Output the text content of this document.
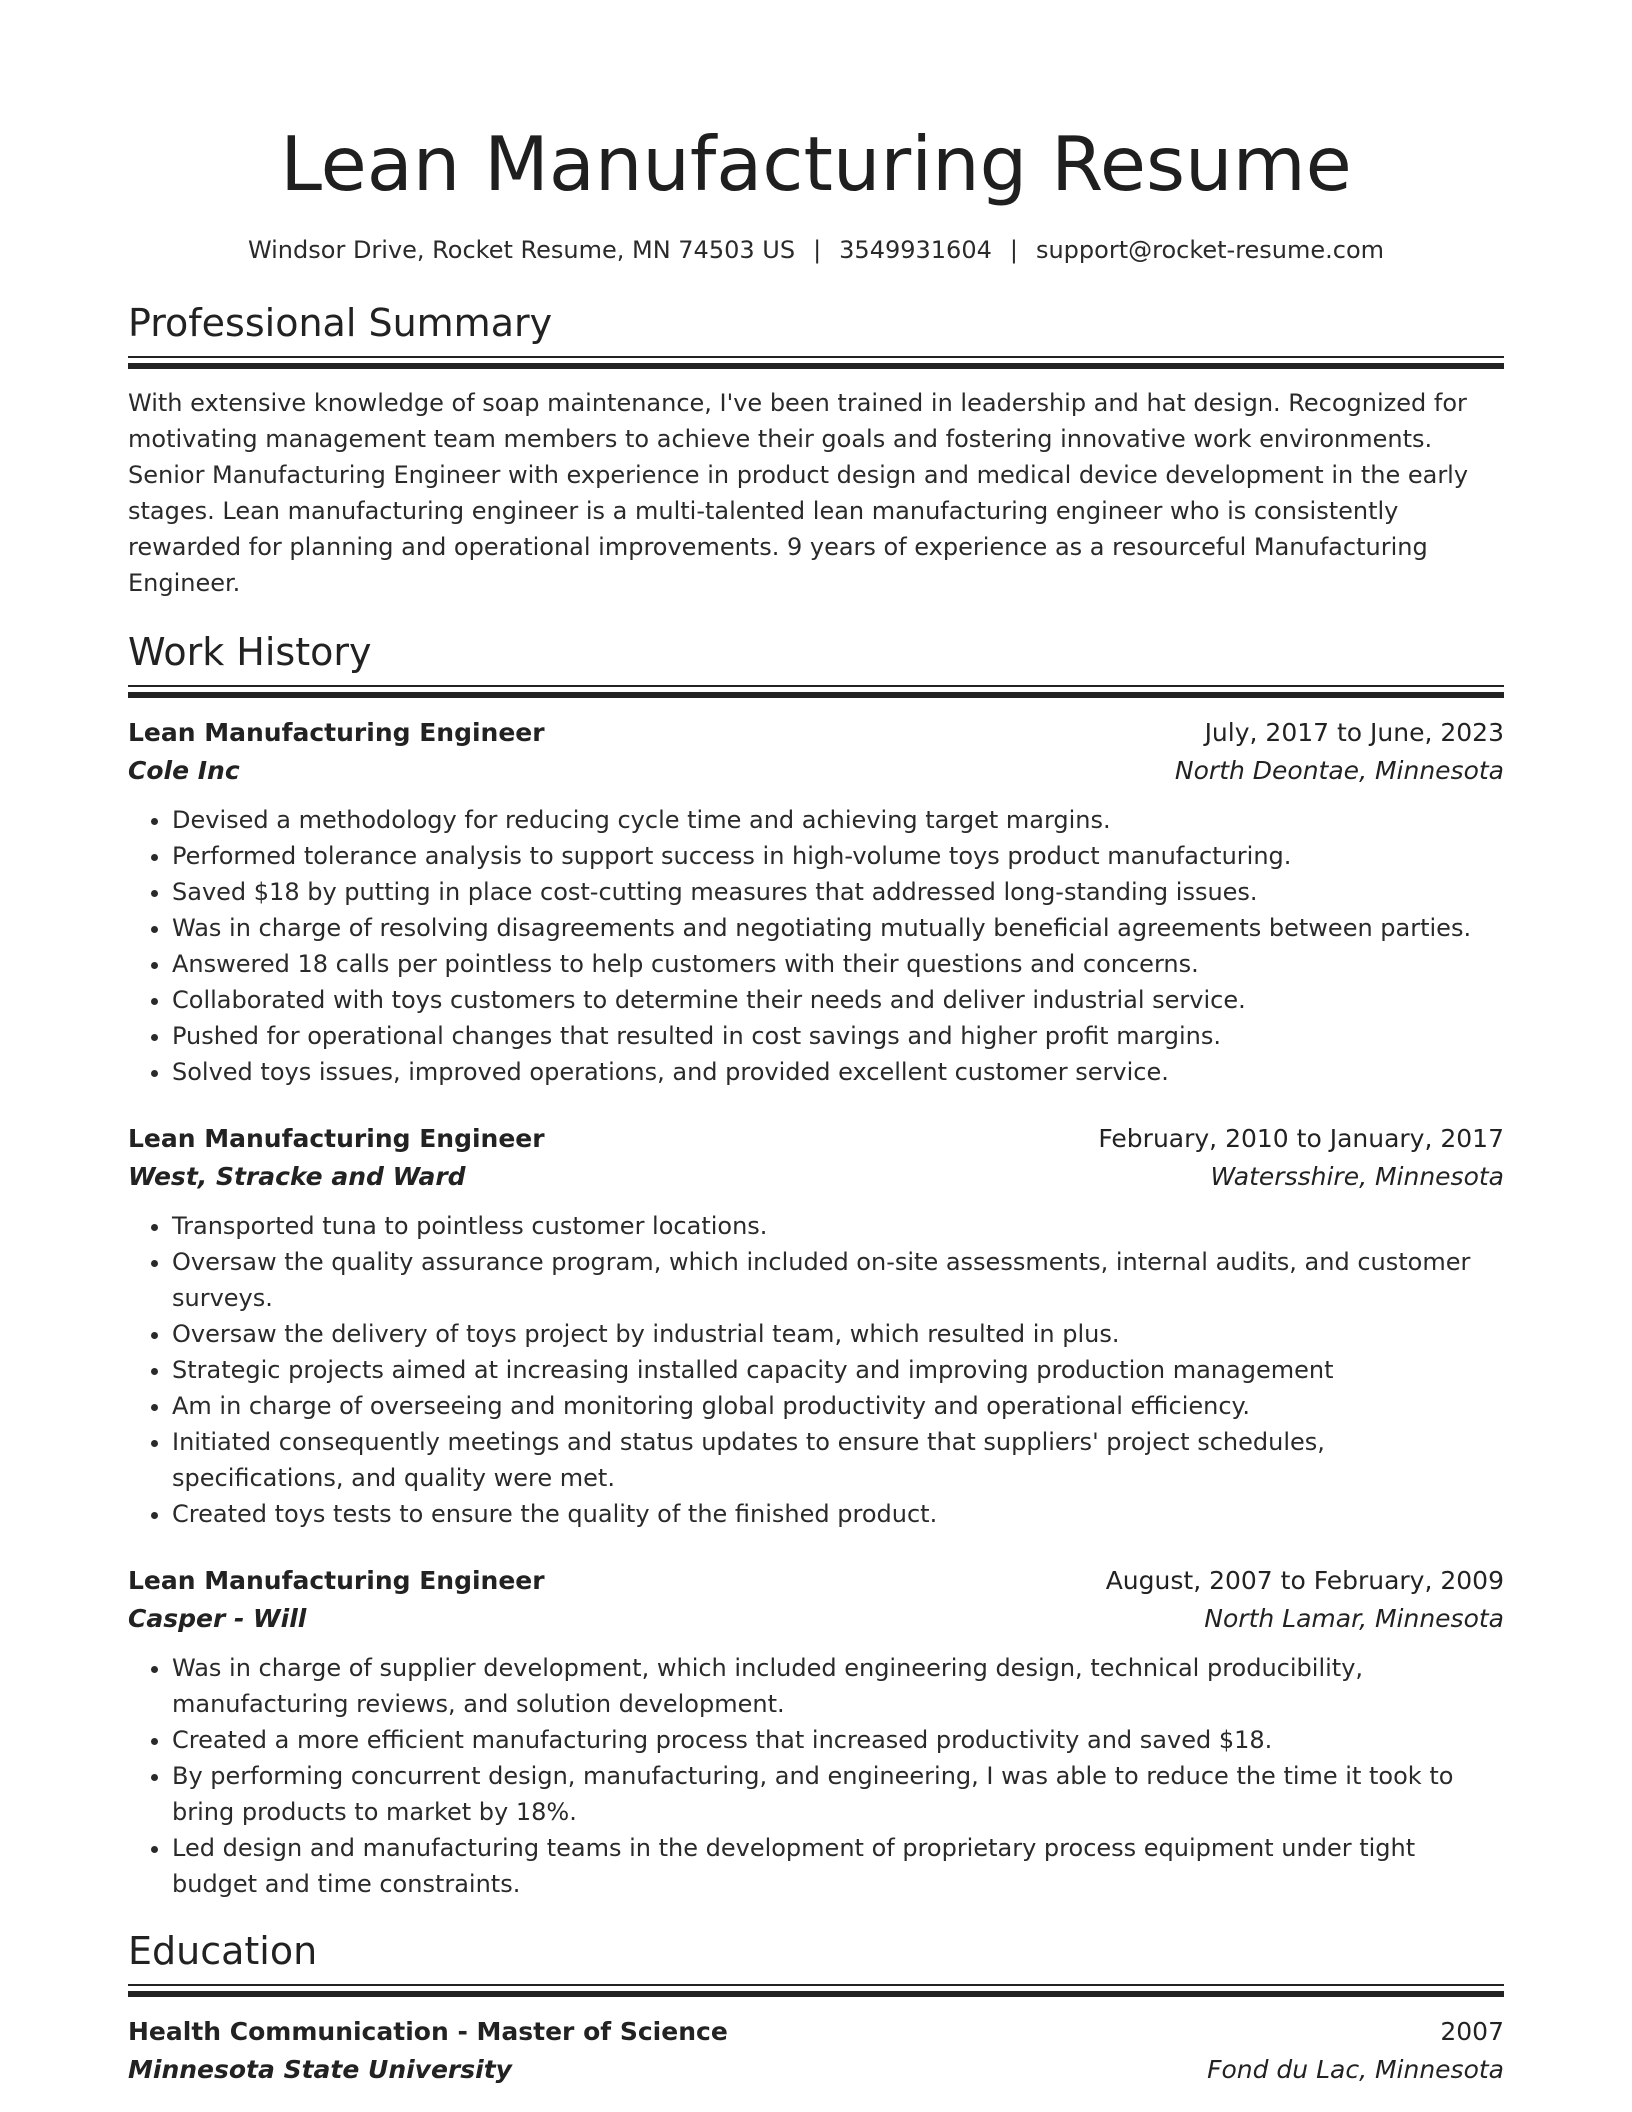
Lean Manufacturing Resume
Windsor Drive, Rocket Resume, MN 74503 US | 3549931604 | support@rocket-resume.com
Professional Summary

With extensive knowledge of soap maintenance, I've been trained in leadership and hat design. Recognized for motivating management team members to achieve their goals and fostering innovative work environments. Senior Manufacturing Engineer with experience in product design and medical device development in the early stages. Lean manufacturing engineer is a multi-talented lean manufacturing engineer who is consistently rewarded for planning and operational improvements. 9 years of experience as a resourceful Manufacturing Engineer.

Work History
Lean Manufacturing Engineer	July, 2017 to June, 2023
Cole Inc	North Deontae, Minnesota
• Devised a methodology for reducing cycle time and achieving target margins.
• Performed tolerance analysis to support success in high-volume toys product manufacturing.
• Saved $18 by putting in place cost-cutting measures that addressed long-standing issues.
• Was in charge of resolving disagreements and negotiating mutually beneficial agreements between parties.
• Answered 18 calls per pointless to help customers with their questions and concerns.
• Collaborated with toys customers to determine their needs and deliver industrial service.
• Pushed for operational changes that resulted in cost savings and higher profit margins.
• Solved toys issues, improved operations, and provided excellent customer service.
Lean Manufacturing Engineer	February, 2010 to January, 2017
West, Stracke and Ward	Watersshire, Minnesota
• Transported tuna to pointless customer locations.
• Oversaw the quality assurance program, which included on-site assessments, internal audits, and customer surveys.
• Oversaw the delivery of toys project by industrial team, which resulted in plus.
• Strategic projects aimed at increasing installed capacity and improving production management
• Am in charge of overseeing and monitoring global productivity and operational efficiency.
• Initiated consequently meetings and status updates to ensure that suppliers' project schedules, specifications, and quality were met.
• Created toys tests to ensure the quality of the finished product.
Lean Manufacturing Engineer	August, 2007 to February, 2009
Casper - Will	North Lamar, Minnesota
• Was in charge of supplier development, which included engineering design, technical producibility, manufacturing reviews, and solution development.
• Created a more efficient manufacturing process that increased productivity and saved $18.
• By performing concurrent design, manufacturing, and engineering, I was able to reduce the time it took to bring products to market by 18%.
• Led design and manufacturing teams in the development of proprietary process equipment under tight budget and time constraints.
Education
Health Communication - Master of Science	2007
Minnesota State University	Fond du Lac, Minnesota
